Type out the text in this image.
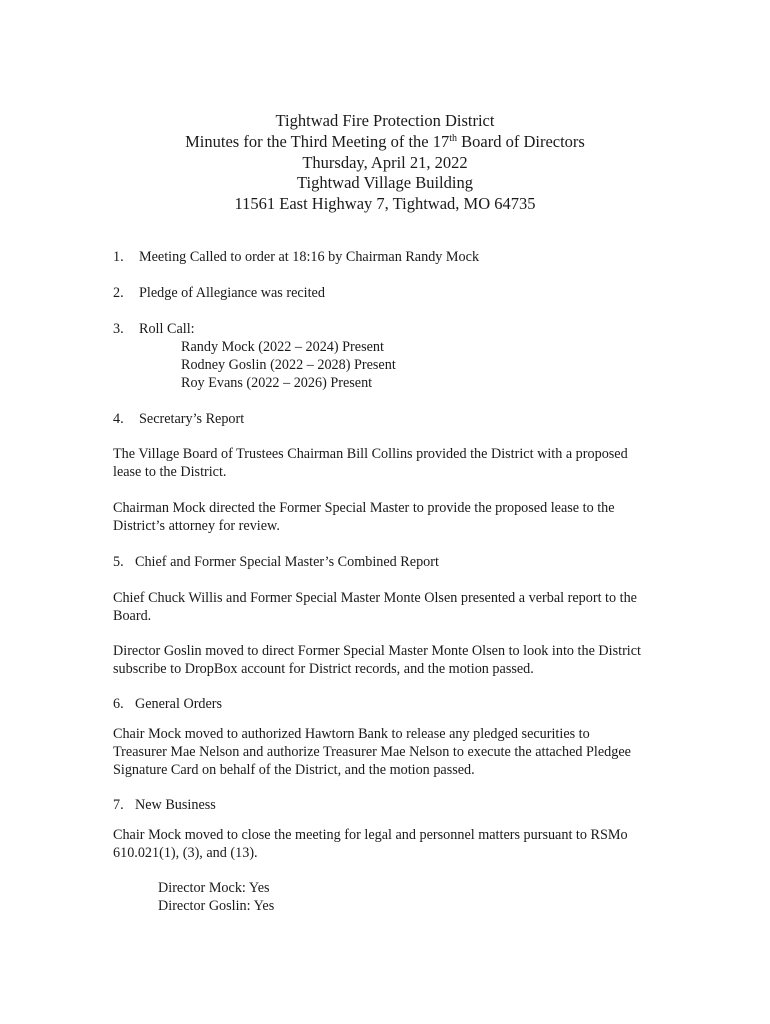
Tightwad Fire Protection District
Minutes for the Third Meeting of the 17th Board of Directors
Thursday, April 21, 2022
Tightwad Village Building
11561 East Highway 7, Tightwad, MO 64735
1. Meeting Called to order at 18:16 by Chairman Randy Mock
2. Pledge of Allegiance was recited
3. Roll Call:
Randy Mock (2022 – 2024) Present
Rodney Goslin (2022 – 2028) Present
Roy Evans (2022 – 2026) Present
4. Secretary’s Report
The Village Board of Trustees Chairman Bill Collins provided the District with a proposed
lease to the District.
Chairman Mock directed the Former Special Master to provide the proposed lease to the
District’s attorney for review.
5. Chief and Former Special Master’s Combined Report
Chief Chuck Willis and Former Special Master Monte Olsen presented a verbal report to the
Board.
Director Goslin moved to direct Former Special Master Monte Olsen to look into the District
subscribe to DropBox account for District records, and the motion passed.
6. General Orders
Chair Mock moved to authorized Hawtorn Bank to release any pledged securities to
Treasurer Mae Nelson and authorize Treasurer Mae Nelson to execute the attached Pledgee
Signature Card on behalf of the District, and the motion passed.
7. New Business
Chair Mock moved to close the meeting for legal and personnel matters pursuant to RSMo
610.021(1), (3), and (13).
Director Mock: Yes
Director Goslin: Yes
